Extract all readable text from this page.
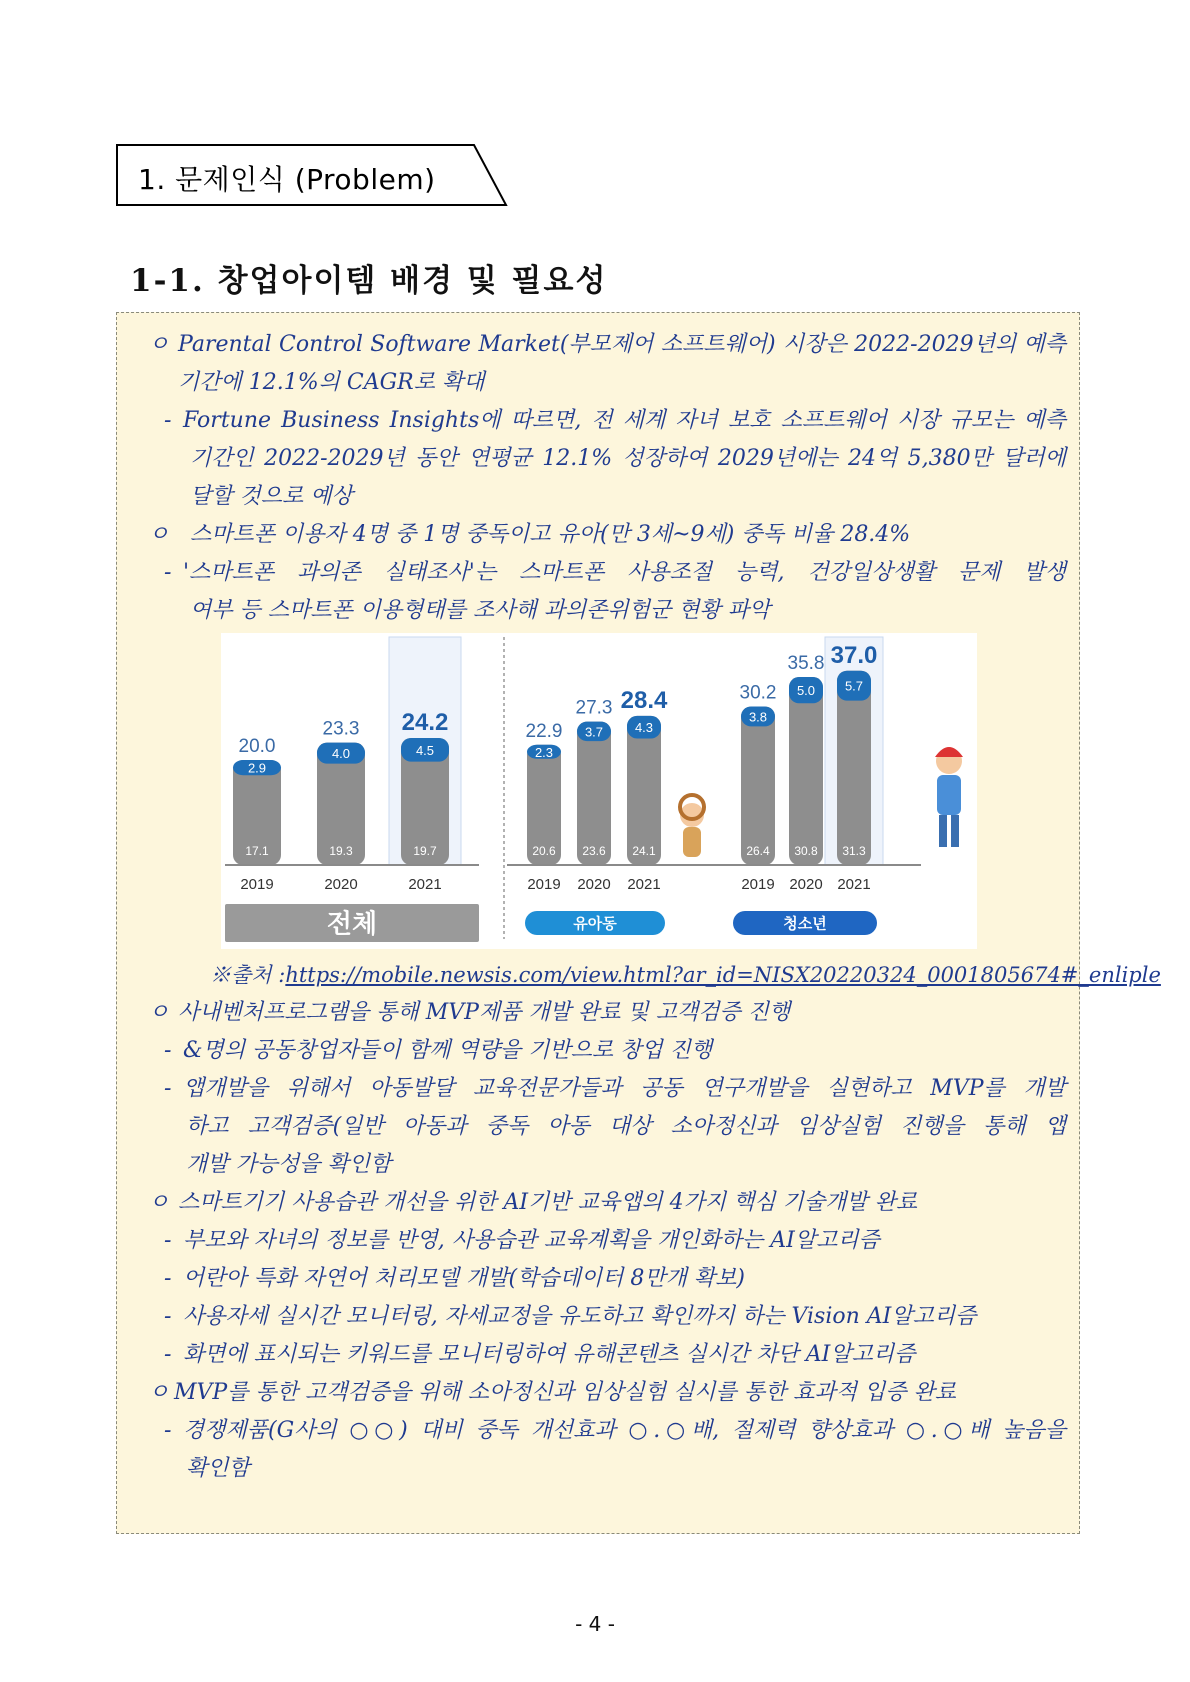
1. 문제인식 (Problem)
1-1. 창업아이템 배경 및 필요성
ㅇ Parental Control Software Market(부모제어 소프트웨어) 시장은 2022-2029년의 예측
기간에 12.1%의 CAGR로 확대
- Fortune Business Insights에 따르면, 전 세계 자녀 보호 소프트웨어 시장 규모는 예측
기간인 2022-2029년 동안 연평균 12.1% 성장하여 2029년에는 24억 5,380만 달러에
달할 것으로 예상
ㅇ 스마트폰 이용자 4명 중 1명 중독이고 유아(만 3세~9세) 중독 비율 28.4%
- '스마트폰 과의존 실태조사'는 스마트폰 사용조절 능력, 건강일상생활 문제 발생
여부 등 스마트폰 이용형태를 조사해 과의존위험군 현황 파악
2.9
20.0
17.1
2019
4.0
23.3
19.3
2020
4.5
24.2
19.7
2021
전체
2.3
22.9
20.6
2019
3.7
27.3
23.6
2020
4.3
28.4
24.1
2021
유아동
3.8
30.2
26.4
2019
5.0
35.8
30.8
2020
5.7
37.0
31.3
2021
청소년
※출처 :https://mobile.newsis.com/view.html?ar_id=NISX20220324_0001805674#_enliple
ㅇ 사내벤처프로그램을 통해 MVP제품 개발 완료 및 고객검증 진행
- &명의 공동창업자들이 함께 역량을 기반으로 창업 진행
- 앱개발을 위해서 아동발달 교육전문가들과 공동 연구개발을 실현하고 MVP를 개발
하고 고객검증(일반 아동과 중독 아동 대상 소아정신과 임상실험 진행을 통해 앱
개발 가능성을 확인함
ㅇ 스마트기기 사용습관 개선을 위한 AI기반 교육앱의 4가지 핵심 기술개발 완료
- 부모와 자녀의 정보를 반영, 사용습관 교육계획을 개인화하는 AI알고리즘
- 어란아 특화 자연어 처리모델 개발(학습데이터 8만개 확보)
- 사용자세 실시간 모니터링, 자세교정을 유도하고 확인까지 하는 Vision AI알고리즘
- 화면에 표시되는 키워드를 모니터링하여 유해콘텐츠 실시간 차단 AI알고리즘
ㅇ MVP를 통한 고객검증을 위해 소아정신과 임상실험 실시를 통한 효과적 입증 완료
- 경쟁제품(G사의 ○○) 대비 중독 개선효과 ○.○배, 절제력 향상효과 ○.○배 높음을
확인함
- 4 -
